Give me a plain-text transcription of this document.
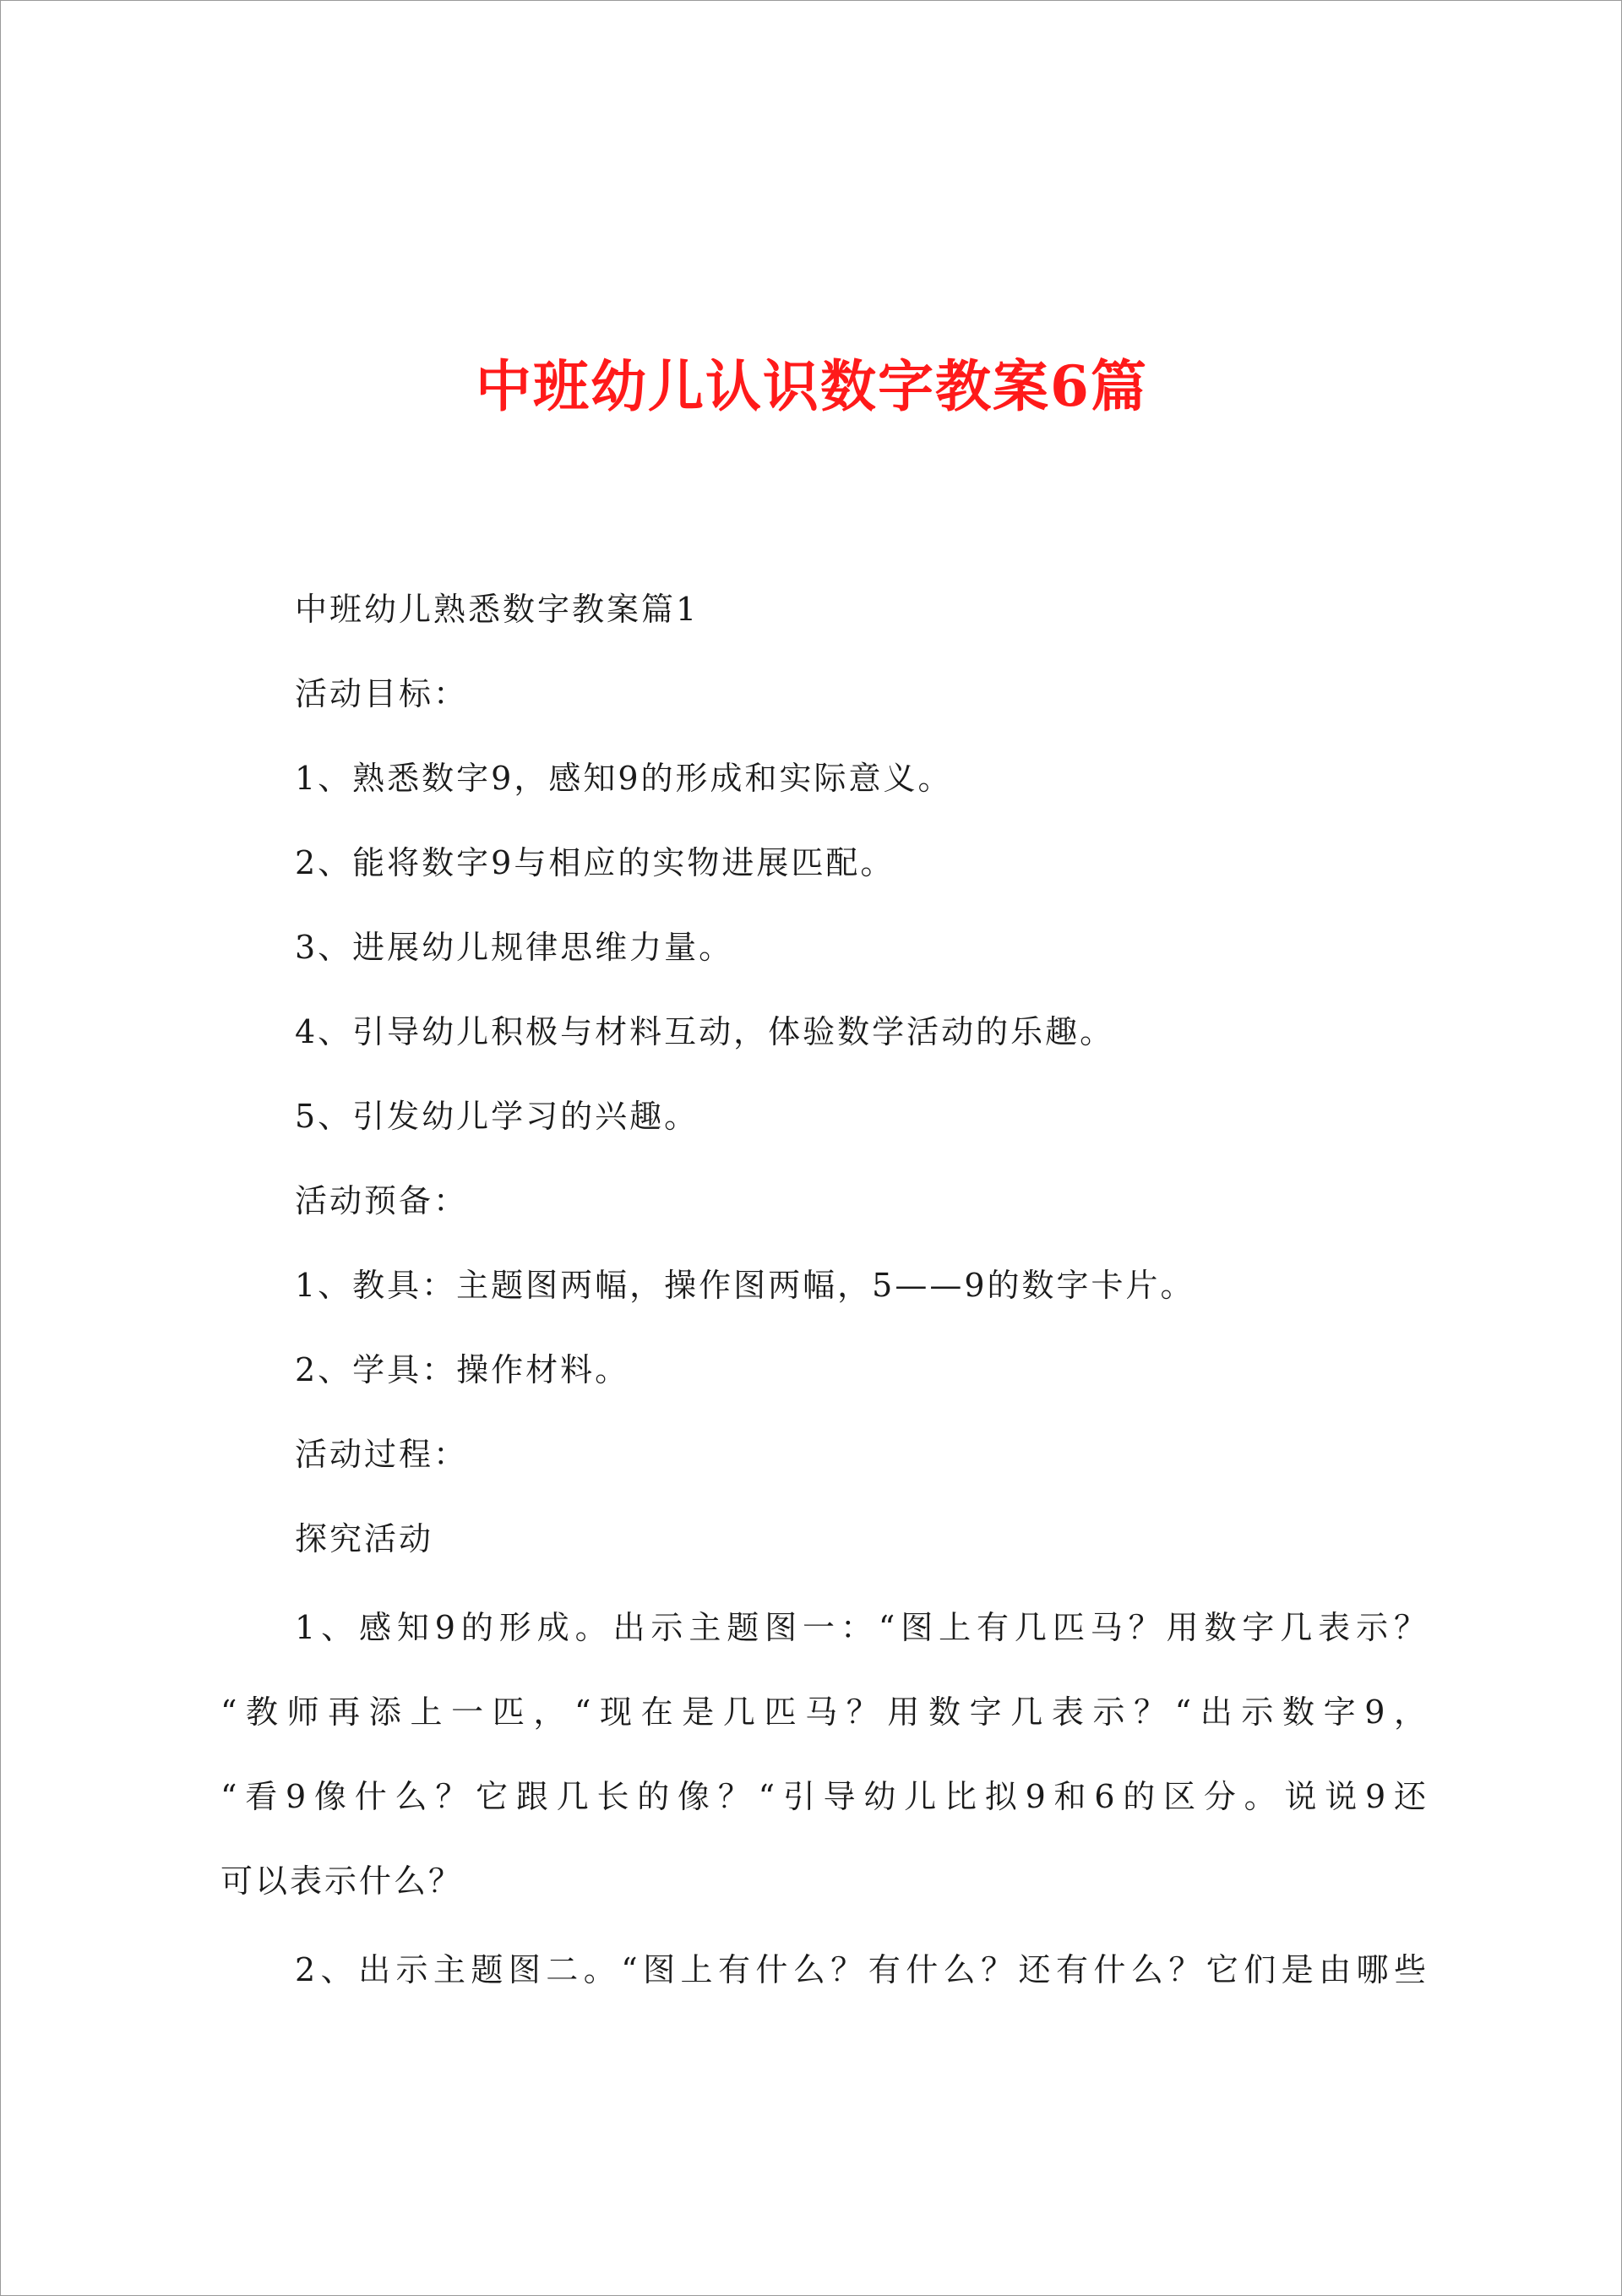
中班幼儿认识数字教案6篇
中班幼儿熟悉数字教案篇1
活动目标：
1、熟悉数字9，感知9的形成和实际意义。
2、能将数字9与相应的实物进展匹配。
3、进展幼儿规律思维力量。
4、引导幼儿积极与材料互动，体验数学活动的乐趣。
5、引发幼儿学习的兴趣。
活动预备：
1、教具：主题图两幅，操作图两幅，5——9的数字卡片。
2、学具：操作材料。
活动过程：
探究活动
1、感知9的形成。出示主题图一：“图上有几匹马？用数字几表示？
“教师再添上一匹，“现在是几匹马？用数字几表示？“出示数字9，
“看9像什么？它跟几长的像？“引导幼儿比拟9和6的区分。说说9还
可以表示什么？
2、出示主题图二。“图上有什么？有什么？还有什么？它们是由哪些
